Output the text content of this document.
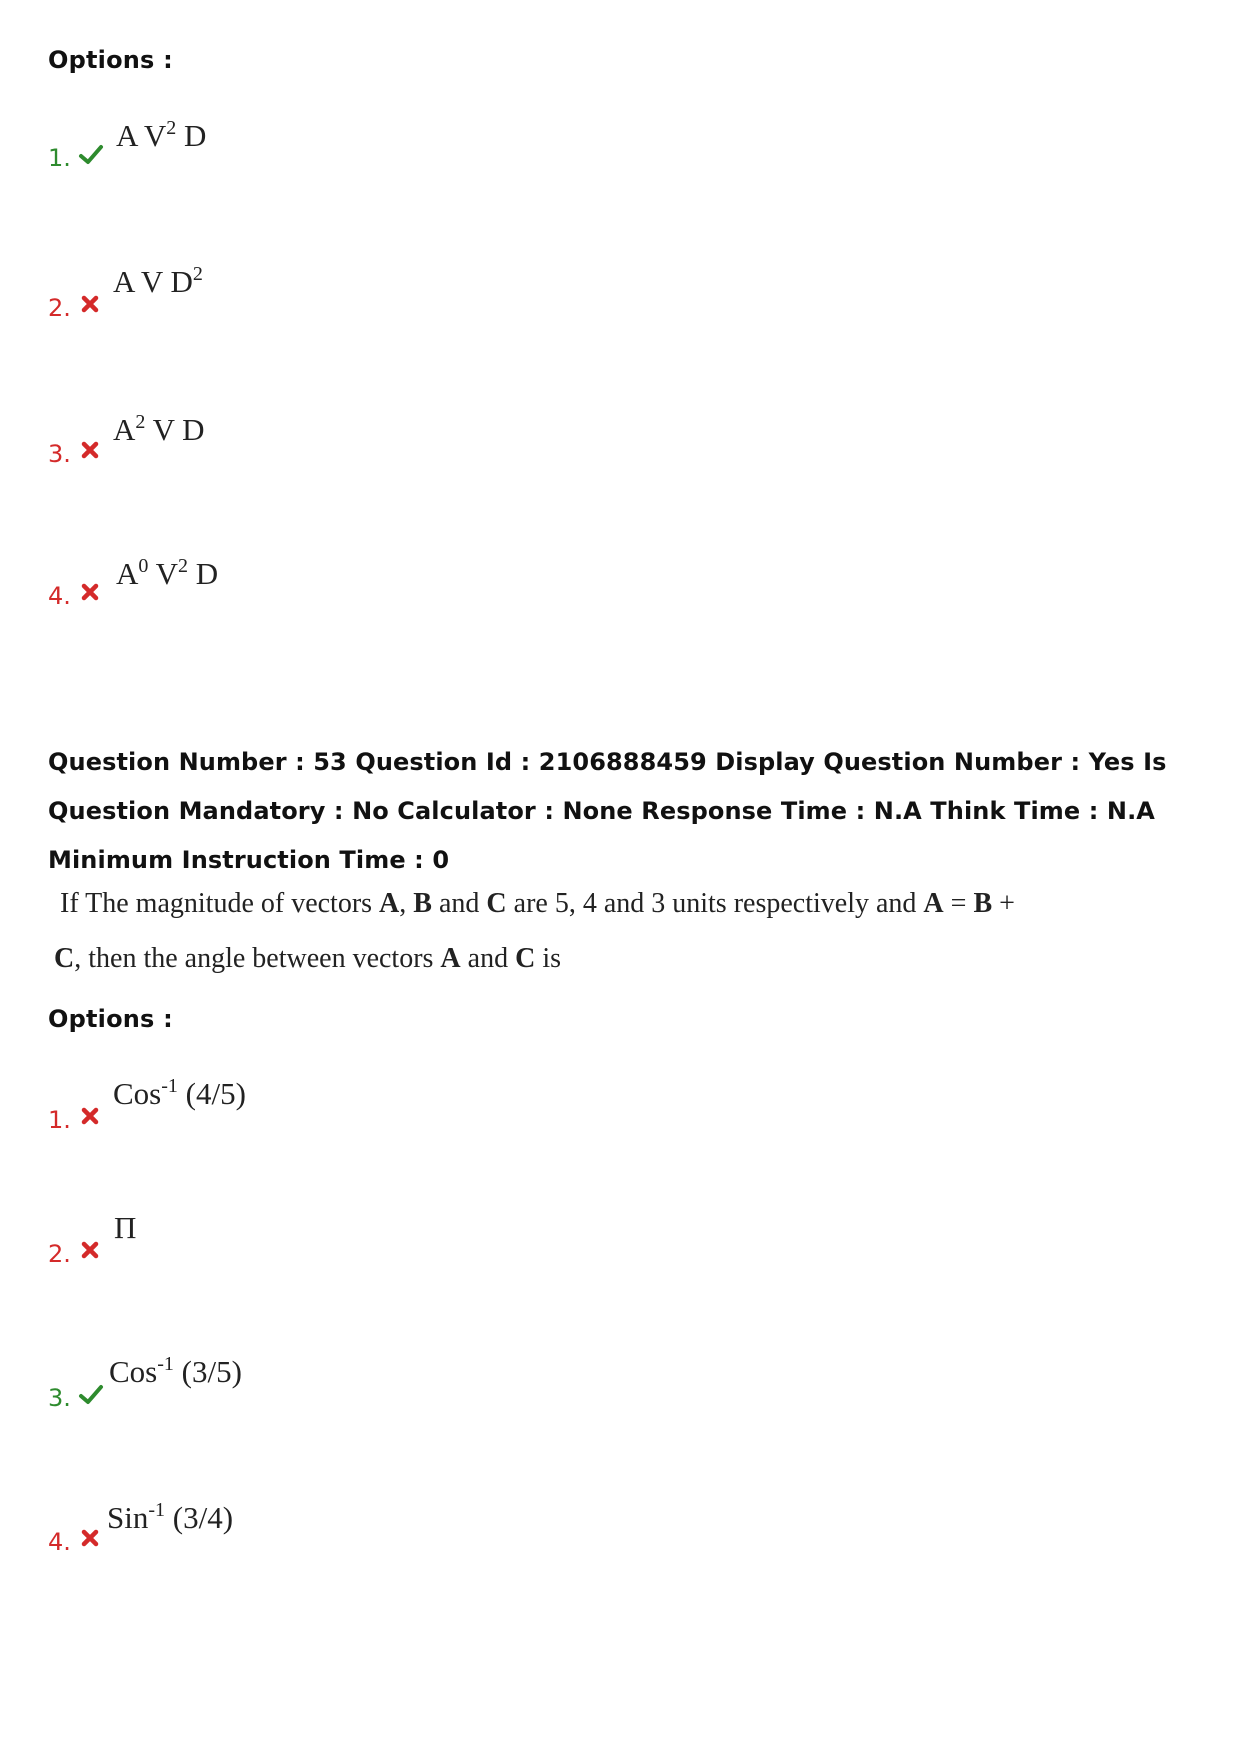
Options :
1.
A $V^2$ D
2.
A V $D^2$
3.
$A^2$ V D
4.
$A^0$ $V^2$ D
Question Number : 53 Question Id : 2106888459 Display Question Number : Yes Is Question Mandatory : No Calculator : None Response Time : N.A Think Time : N.A Minimum Instruction Time : 0
If The magnitude of vectors A, B and C are 5, 4 and 3 units respectively and A = B +
C, then the angle between vectors A and C is
Options :
1.
Cos$^{-1}$ (4/5)
2.
Π
3.
Cos$^{-1}$ (3/5)
4.
Sin$^{-1}$ (3/4)
